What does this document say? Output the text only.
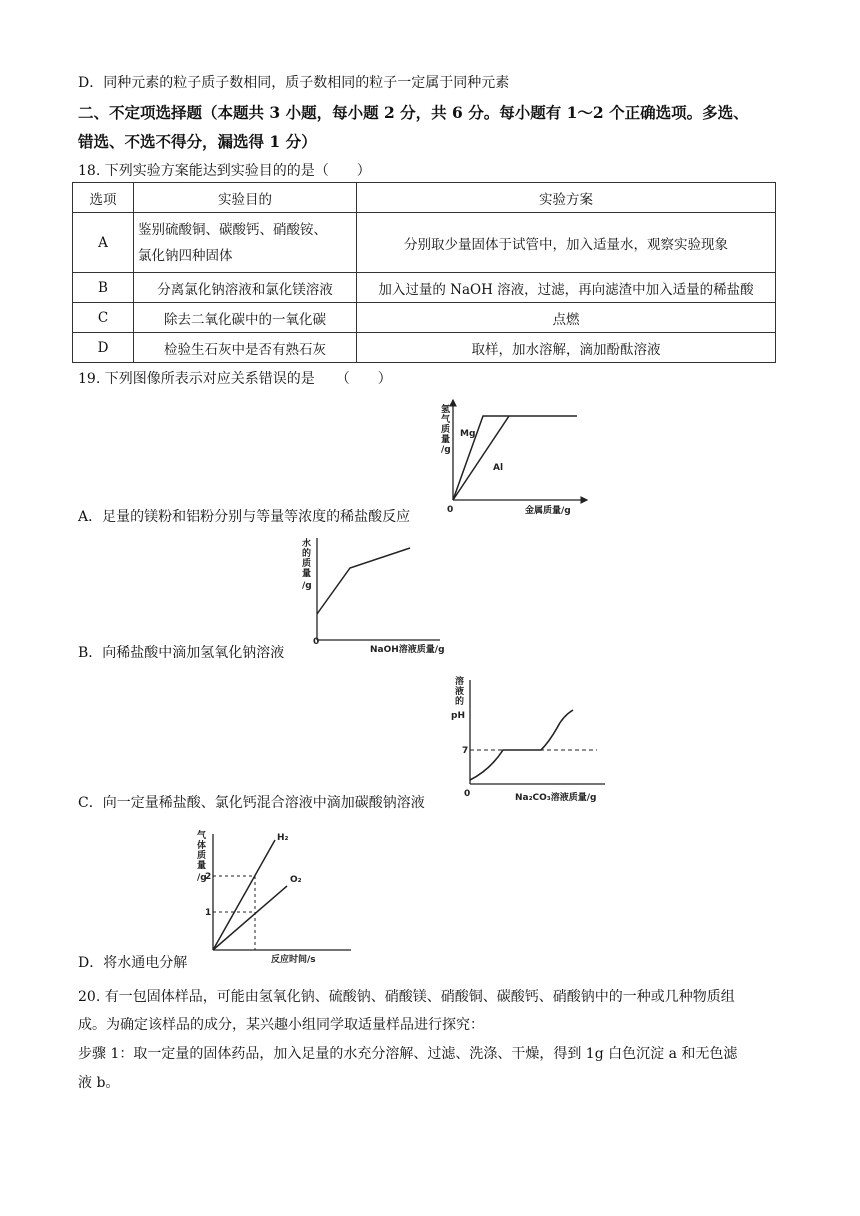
D．同种元素的粒子质子数相同，质子数相同的粒子一定属于同种元素
二、不定项选择题（本题共 3 小题，每小题 2 分，共 6 分。每小题有 1～2 个正确选项。多选、
错选、不选不得分，漏选得 1 分）
18. 下列实验方案能达到实验目的的是（　　）
选项	实验目的	实验方案
A	鉴别硫酸铜、碳酸钙、硝酸铵、
氯化钠四种固体	分别取少量固体于试管中，加入适量水，观察实验现象
B	分离氯化钠溶液和氯化镁溶液	加入过量的 NaOH 溶液，过滤，再向滤渣中加入适量的稀盐酸
C	除去二氧化碳中的一氧化碳	点燃
D	检验生石灰中是否有熟石灰	取样，加水溶解，滴加酚酞溶液
19. 下列图像所表示对应关系错误的是　　（　　）
氢
气
质
量
/g
0	金属质量/g
Mg
Al
A．足量的镁粉和铝粉分别与等量等浓度的稀盐酸反应
水
的
质
量
/g
0
NaOH溶液质量/g
B．向稀盐酸中滴加氢氧化钠溶液
溶
液
的
pH
7
0	Na₂CO₃溶液质量/g
C．向一定量稀盐酸、氯化钙混合溶液中滴加碳酸钠溶液
气
体
质
量
/g
2
1
H₂
O₂
反应时间/s
D．将水通电分解
20. 有一包固体样品，可能由氢氧化钠、硫酸钠、硝酸镁、硝酸铜、碳酸钙、硝酸钠中的一种或几种物质组
成。为确定该样品的成分，某兴趣小组同学取适量样品进行探究：
步骤 1：取一定量的固体药品，加入足量的水充分溶解、过滤、洗涤、干燥，得到 1g 白色沉淀 a 和无色滤
液 b。
